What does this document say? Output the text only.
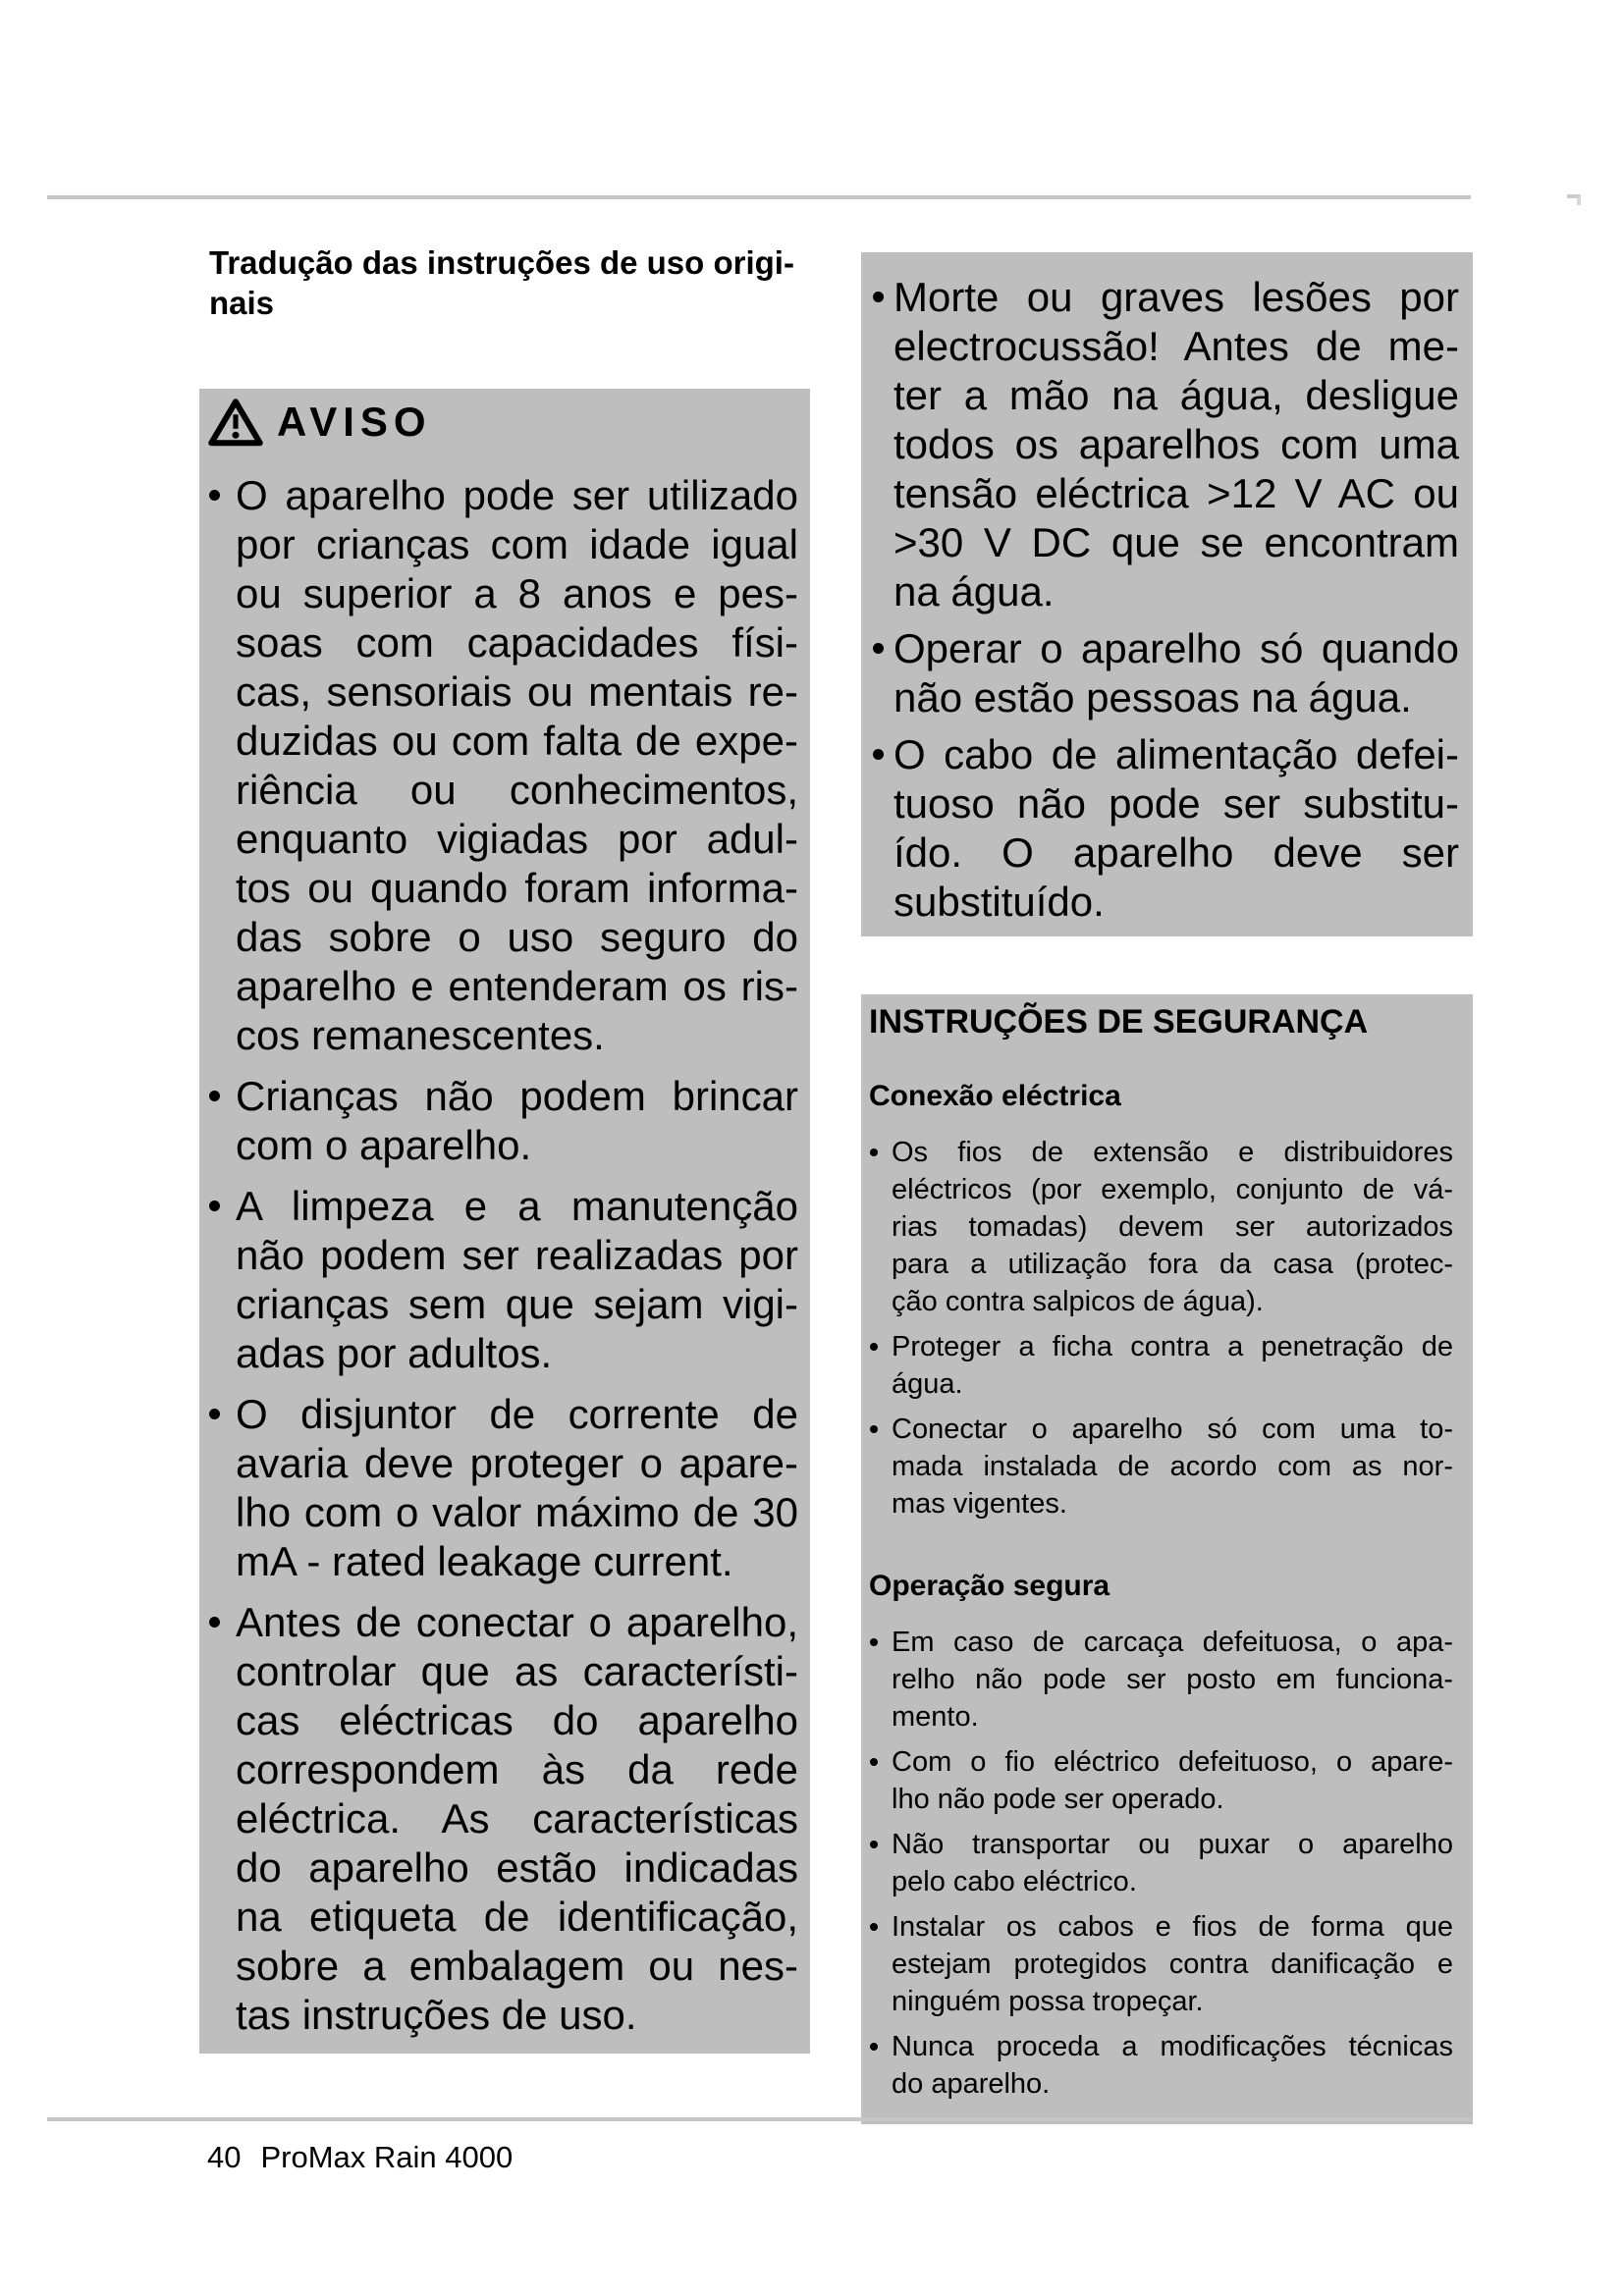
Tradução das instruções de uso origi-
nais
AVISO
O aparelho pode ser utilizado
por crianças com idade igual
ou superior a 8 anos e pes-
soas com capacidades físi-
cas, sensoriais ou mentais re-
duzidas ou com falta de expe-
riência ou conhecimentos,
enquanto vigiadas por adul-
tos ou quando foram informa-
das sobre o uso seguro do
aparelho e entenderam os ris-
cos remanescentes.
Crianças não podem brincar
com o aparelho.
A limpeza e a manutenção
não podem ser realizadas por
crianças sem que sejam vigi-
adas por adultos.
O disjuntor de corrente de
avaria deve proteger o apare-
lho com o valor máximo de 30
mA - rated leakage current.
Antes de conectar o aparelho,
controlar que as característi-
cas eléctricas do aparelho
correspondem às da rede
eléctrica. As características
do aparelho estão indicadas
na etiqueta de identificação,
sobre a embalagem ou nes-
tas instruções de uso.
Morte ou graves lesões por
electrocussão! Antes de me-
ter a mão na água, desligue
todos os aparelhos com uma
tensão eléctrica >12 V AC ou
>30 V DC que se encontram
na água.
Operar o aparelho só quando
não estão pessoas na água.
O cabo de alimentação defei-
tuoso não pode ser substitu-
ído. O aparelho deve ser
substituído.
INSTRUÇÕES DE SEGURANÇA
Conexão eléctrica
Os fios de extensão e distribuidores
eléctricos (por exemplo, conjunto de vá-
rias tomadas) devem ser autorizados
para a utilização fora da casa (protec-
ção contra salpicos de água).
Proteger a ficha contra a penetração de
água.
Conectar o aparelho só com uma to-
mada instalada de acordo com as nor-
mas vigentes.
Operação segura
Em caso de carcaça defeituosa, o apa-
relho não pode ser posto em funciona-
mento.
Com o fio eléctrico defeituoso, o apare-
lho não pode ser operado.
Não transportar ou puxar o aparelho
pelo cabo eléctrico.
Instalar os cabos e fios de forma que
estejam protegidos contra danificação e
ninguém possa tropeçar.
Nunca proceda a modificações técnicas
do aparelho.
40 ProMax Rain 4000
